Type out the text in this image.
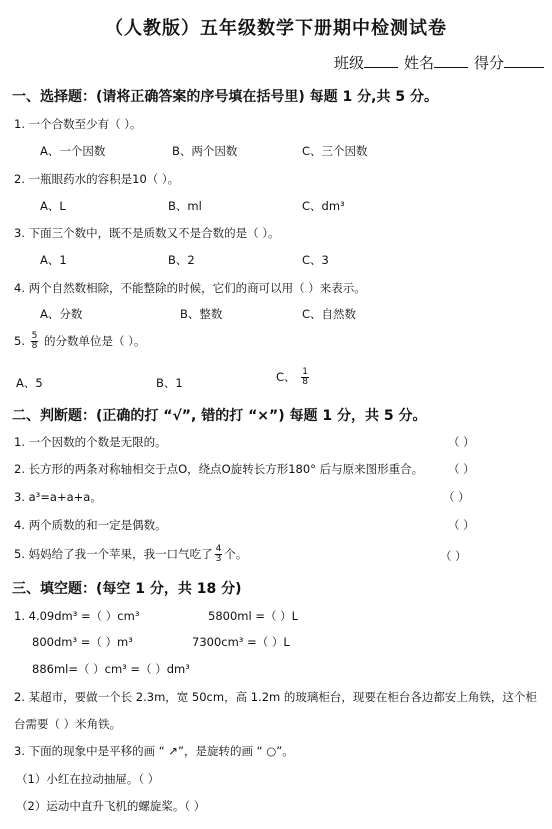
（人教版）五年级数学下册期中检测试卷
班级	姓名	得分
一、选择题：(请将正确答案的序号填在括号里) 每题 1 分,共 5 分。
1. 一个合数至少有（ ）。
A、一个因数	B、两个因数	C、三个因数
2. 一瓶眼药水的容积是10（ ）。
A、L	B、ml	C、dm³
3. 下面三个数中，既不是质数又不是合数的是（ ）。
A、1	B、2	C、3
4. 两个自然数相除，不能整除的时候，它们的商可以用（ ）来表示。
A、分数	B、整数	C、自然数
5. $\frac{5}{8}$ 的分数单位是（ ）。
A、5	B、1	C、 $\frac{1}{8}$
二、判断题：(正确的打 “√”, 错的打 “×”) 每题 1 分，共 5 分。
1. 一个因数的个数是无限的。	（ ）
2. 长方形的两条对称轴相交于点O，绕点O旋转长方形180° 后与原来图形重合。 （ ）
3. a³=a+a+a。	（ ）
4. 两个质数的和一定是偶数。	（ ）
5. 妈妈给了我一个苹果，我一口气吃了 $\frac{4}{3}$ 个。	（ ）
三、填空题：(每空 1 分，共 18 分)
1. 4.09dm³ =（ ）cm³	5800ml =（ ）L
800dm³ =（ ）m³	7300cm³ =（ ）L
886ml=（ ）cm³ =（ ）dm³
2. 某超市，要做一个长 2.3m，宽 50cm，高 1.2m 的玻璃柜台，现要在柜台各边都安上角铁，这个柜
台需要（ ）米角铁。
3. 下面的现象中是平移的画 “ ↗”，是旋转的画 “ ○”。
（1）小红在拉动抽屉。（ ）
（2）运动中直升飞机的螺旋桨。（ ）
